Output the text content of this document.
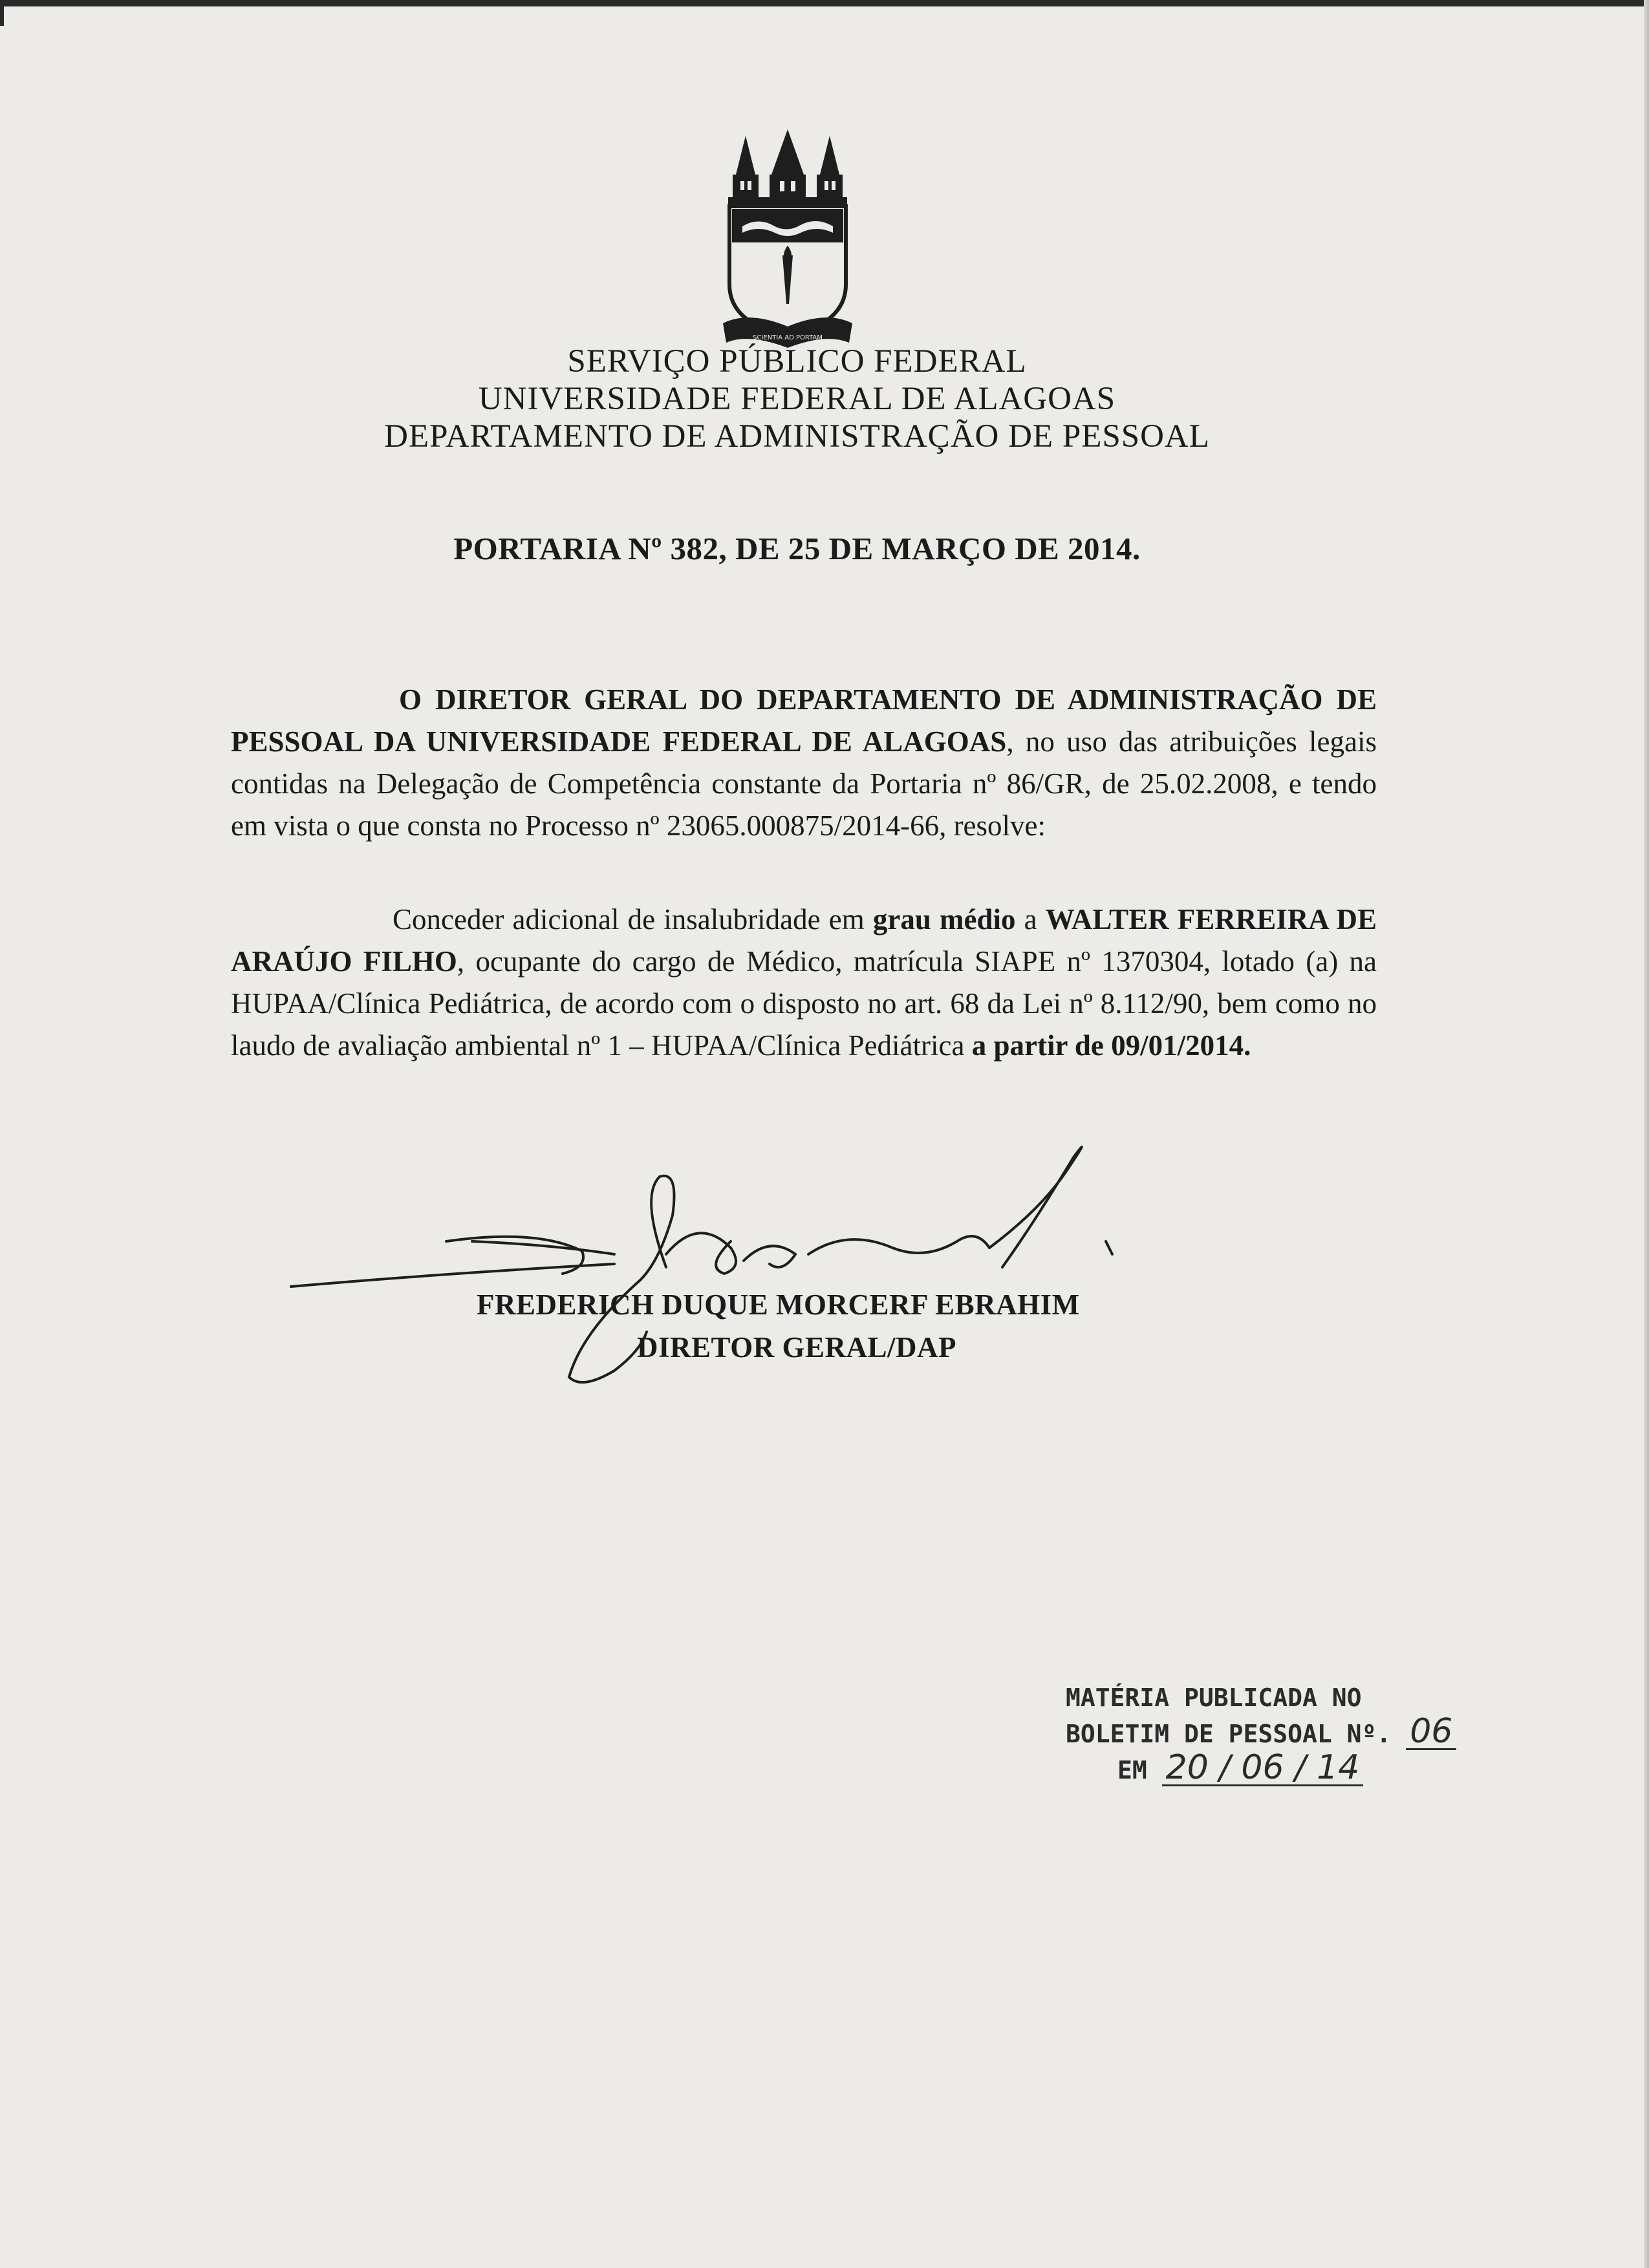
SCIENTIA AD PORTAM
SERVIÇO PÚBLICO FEDERAL
UNIVERSIDADE FEDERAL DE ALAGOAS
DEPARTAMENTO DE ADMINISTRAÇÃO DE PESSOAL
PORTARIA Nº 382, DE 25 DE MARÇO DE 2014.
O DIRETOR GERAL DO DEPARTAMENTO DE ADMINISTRAÇÃO DE PESSOAL DA UNIVERSIDADE FEDERAL DE ALAGOAS, no uso das atribuições legais contidas na Delegação de Competência constante da Portaria nº 86/GR, de 25.02.2008, e tendo em vista o que consta no Processo nº 23065.000875/2014-66, resolve:
Conceder adicional de insalubridade em grau médio a WALTER FERREIRA DE ARAÚJO FILHO, ocupante do cargo de Médico, matrícula SIAPE nº 1370304, lotado (a) na HUPAA/Clínica Pediátrica, de acordo com o disposto no art. 68 da Lei nº 8.112/90, bem como no laudo de avaliação ambiental nº 1 – HUPAA/Clínica Pediátrica a partir de 09/01/2014.
FREDERICH DUQUE MORCERF EBRAHIM
DIRETOR GERAL/DAP
MATÉRIA PUBLICADA NO
BOLETIM DE PESSOAL Nº. 06
EM 20 / 06 / 14
